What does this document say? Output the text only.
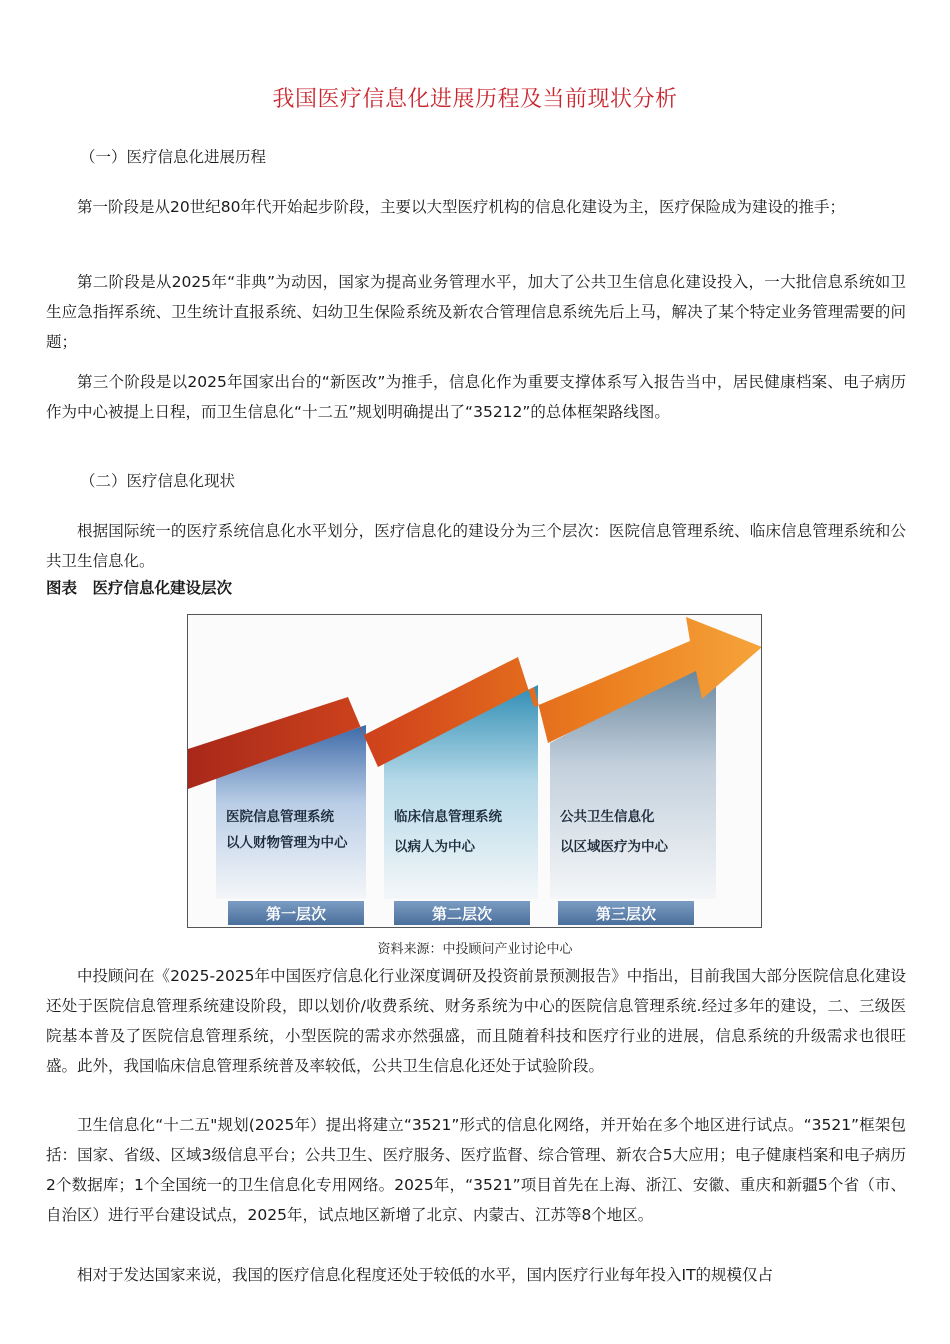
我国医疗信息化进展历程及当前现状分析
（一）医疗信息化进展历程
第一阶段是从20世纪80年代开始起步阶段，主要以大型医疗机构的信息化建设为主，医疗保险成为建设的推手；
第二阶段是从2025年“非典”为动因，国家为提高业务管理水平，加大了公共卫生信息化建设投入，一大批信息系统如卫生应急指挥系统、卫生统计直报系统、妇幼卫生保险系统及新农合管理信息系统先后上马，解决了某个特定业务管理需要的问题；
第三个阶段是以2025年国家出台的“新医改”为推手，信息化作为重要支撑体系写入报告当中，居民健康档案、电子病历作为中心被提上日程，而卫生信息化“十二五”规划明确提出了“35212”的总体框架路线图。
（二）医疗信息化现状
根据国际统一的医疗系统信息化水平划分，医疗信息化的建设分为三个层次：医院信息管理系统、临床信息管理系统和公共卫生信息化。
图表　医疗信息化建设层次
医院信息管理系统
以人财物管理为中心
临床信息管理系统
以病人为中心
公共卫生信息化
以区域医疗为中心
第一层次	第二层次	第三层次
资料来源：中投顾问产业讨论中心
中投顾问在《2025-2025年中国医疗信息化行业深度调研及投资前景预测报告》中指出，目前我国大部分医院信息化建设还处于医院信息管理系统建设阶段，即以划价/收费系统、财务系统为中心的医院信息管理系统.经过多年的建设，二、三级医院基本普及了医院信息管理系统，小型医院的需求亦然强盛，而且随着科技和医疗行业的进展，信息系统的升级需求也很旺盛。此外，我国临床信息管理系统普及率较低，公共卫生信息化还处于试验阶段。
卫生信息化“十二五"规划(2025年）提出将建立“3521”形式的信息化网络，并开始在多个地区进行试点。“3521”框架包括：国家、省级、区域3级信息平台；公共卫生、医疗服务、医疗监督、综合管理、新农合5大应用；电子健康档案和电子病历2个数据库；1个全国统一的卫生信息化专用网络。2025年，“3521”项目首先在上海、浙江、安徽、重庆和新疆5个省（市、自治区）进行平台建设试点，2025年，试点地区新增了北京、内蒙古、江苏等8个地区。
相对于发达国家来说，我国的医疗信息化程度还处于较低的水平，国内医疗行业每年投入IT的规模仅占
